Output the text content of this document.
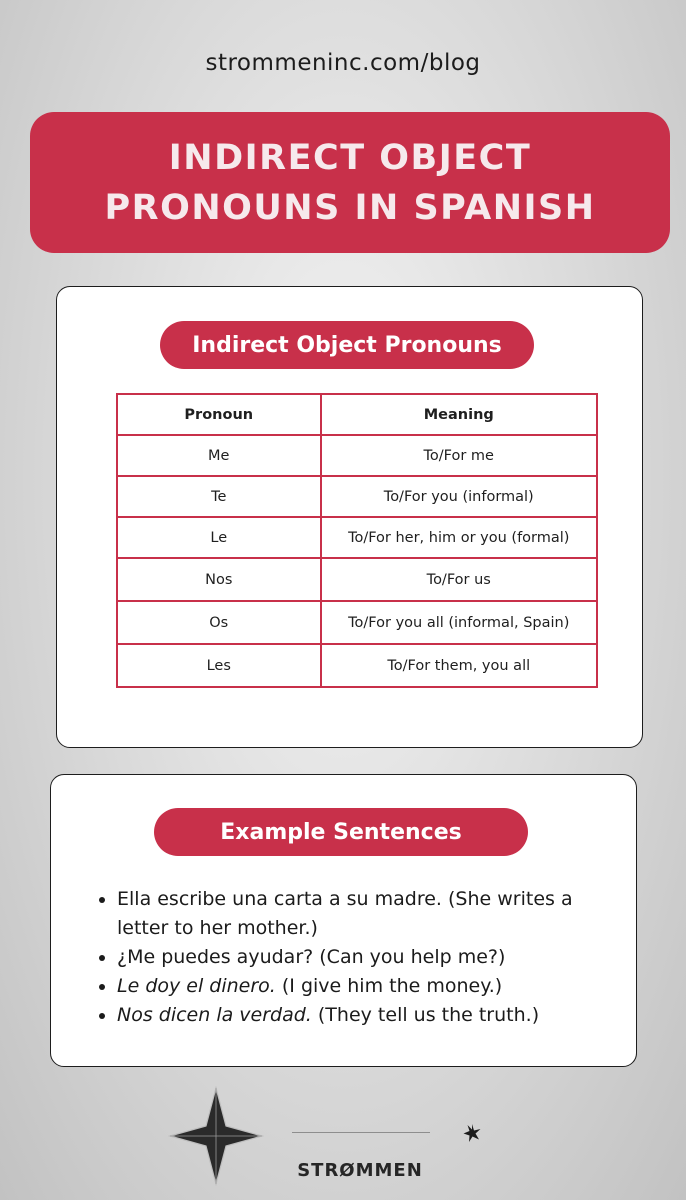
strommeninc.com/blog
INDIRECT OBJECT
PRONOUNS IN SPANISH
Indirect Object Pronouns
Pronoun	Meaning
Me	To/For me
Te	To/For you (informal)
Le	To/For her, him or you (formal)
Nos	To/For us
Os	To/For you all (informal, Spain)
Les	To/For them, you all
Example Sentences
• Ella escribe una carta a su madre. (She writes a letter to her mother.)
• ¿Me puedes ayudar? (Can you help me?)
• Le doy el dinero. (I give him the money.)
• Nos dicen la verdad. (They tell us the truth.)
STRØMMEN
